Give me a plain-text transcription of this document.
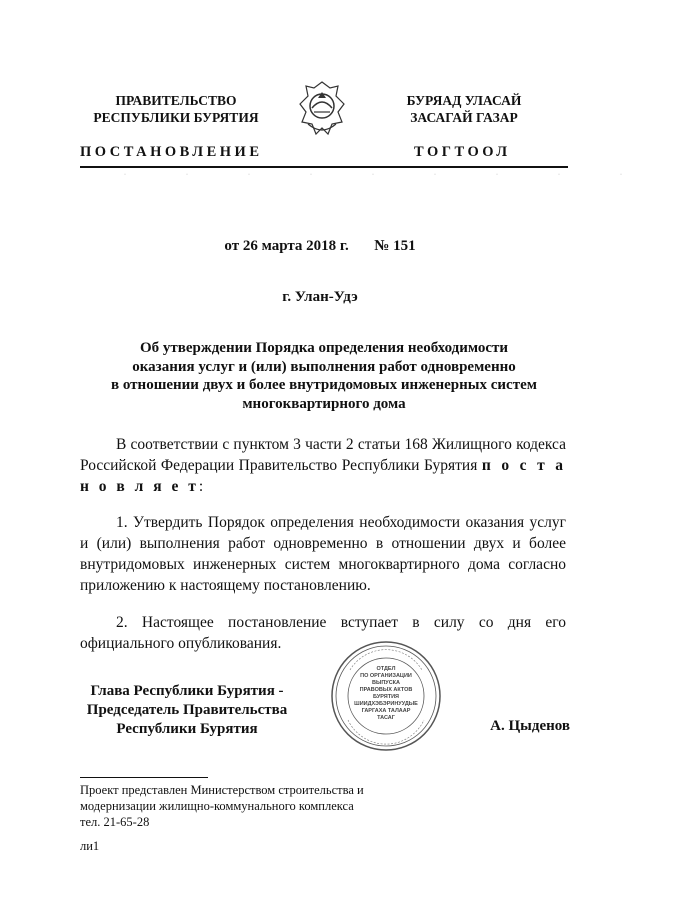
ПРАВИТЕЛЬСТВО
РЕСПУБЛИКИ БУРЯТИЯ
БУРЯАД УЛАСАЙ
ЗАСАГАЙ ГАЗАР
ПОСТАНОВЛЕНИЕ	ТОГТООЛ
·········
от 26 марта 2018 г. № 151
г. Улан-Удэ
Об утверждении Порядка определения необходимости
оказания услуг и (или) выполнения работ одновременно
в отношении двух и более внутридомовых инженерных систем
многоквартирного дома

В соответствии с пунктом 3 части 2 статьи 168 Жилищного кодекса Российской Федерации Правительство Республики Бурятия п о с т а н о в л я е т:

1. Утвердить Порядок определения необходимости оказания услуг и (или) выполнения работ одновременно в отношении двух и более внутридомовых инженерных систем многоквартирного дома согласно приложению к настоящему постановлению.

2. Настоящее постановление вступает в силу со дня его официального опубликования.

Глава Республики Бурятия -
Председатель Правительства
Республики Бурятия
ОТДЕЛ
ПО ОРГАНИЗАЦИИ
ВЫПУСКА
ПРАВОВЫХ АКТОВ
БУРЯТИЯ
ШИИДХЭБЭРИНУУДЫЕ
ГАРГАХА ТАЛААР
ТАСАГ	А. Цыденов
Проект представлен Министерством строительства и
модернизации жилищно-коммунального комплекса
тел. 21-65-28
ли1
